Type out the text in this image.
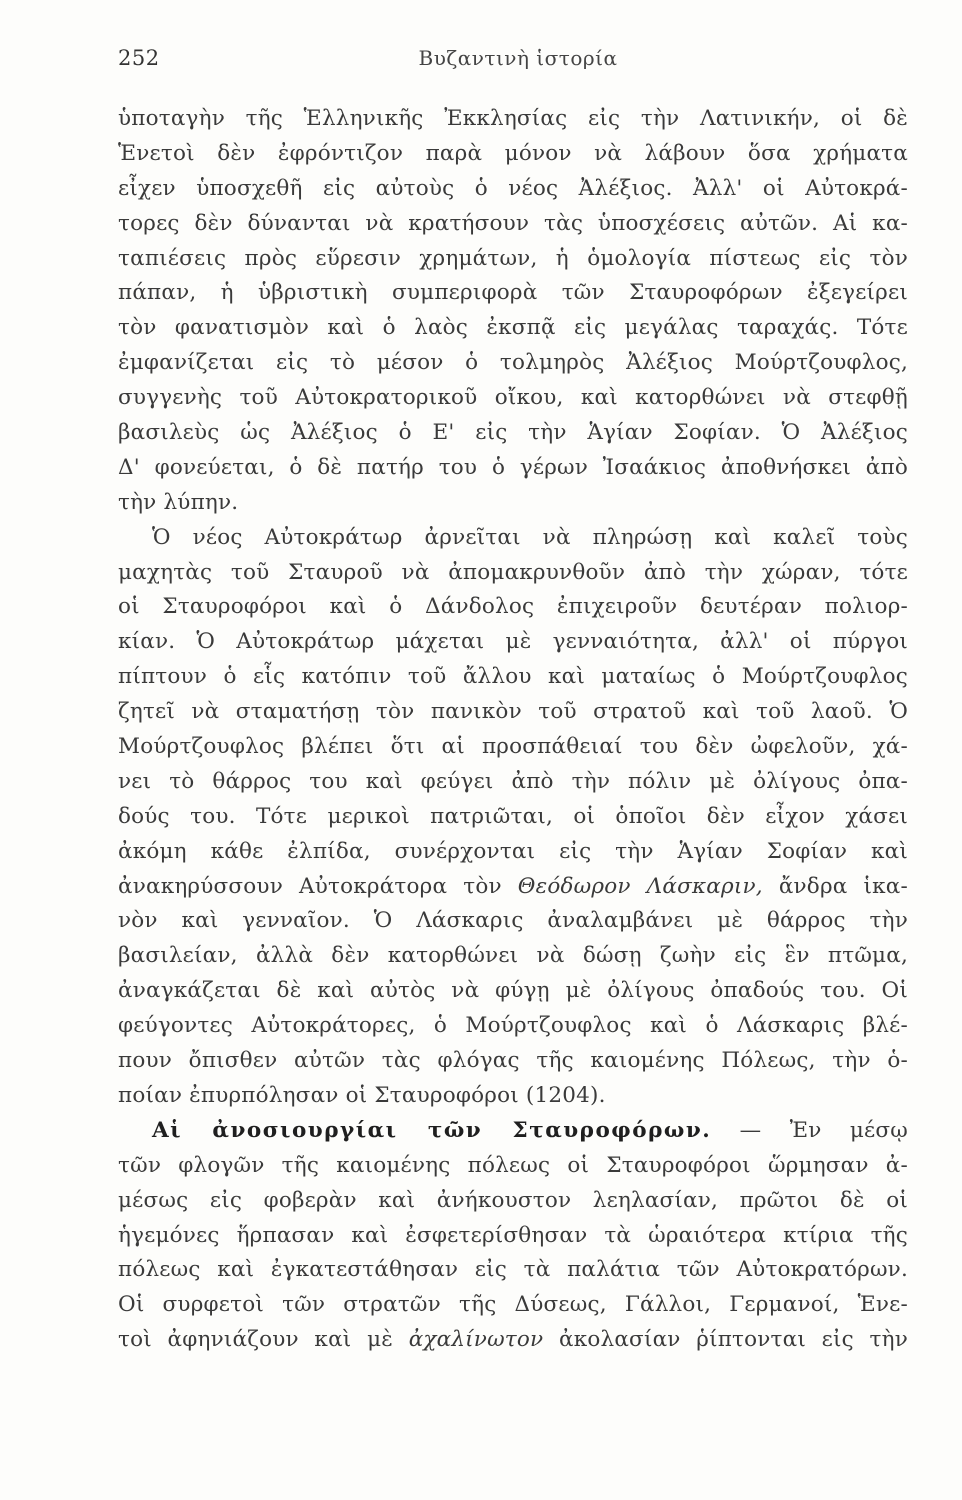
252	Βυζαντινὴ ἱστορία
ὑποταγὴν τῆς Ἑλληνικῆς Ἐκκλησίας εἰς τὴν Λατινικήν, οἱ δὲ
Ἑνετοὶ δὲν ἐφρόντιζον παρὰ μόνον νὰ λάβουν ὅσα χρήματα
εἶχεν ὑποσχεθῆ εἰς αὐτοὺς ὁ νέος Ἀλέξιος. Ἀλλ' οἱ Αὐτοκρά-
τορες δὲν δύνανται νὰ κρατήσουν τὰς ὑποσχέσεις αὐτῶν. Αἱ κα-
ταπιέσεις πρὸς εὕρεσιν χρημάτων, ἡ ὁμολογία πίστεως εἰς τὸν
πάπαν, ἡ ὑβριστικὴ συμπεριφορὰ τῶν Σταυροφόρων ἐξεγείρει
τὸν φανατισμὸν καὶ ὁ λαὸς ἐκσπᾷ εἰς μεγάλας ταραχάς. Τότε
ἐμφανίζεται εἰς τὸ μέσον ὁ τολμηρὸς Ἀλέξιος Μούρτζουφλος,
συγγενὴς τοῦ Αὐτοκρατορικοῦ οἴκου, καὶ κατορθώνει νὰ στεφθῇ
βασιλεὺς ὡς Ἀλέξιος ὁ Ε' εἰς τὴν Ἁγίαν Σοφίαν. Ὁ Ἀλέξιος
Δ' φονεύεται, ὁ δὲ πατήρ του ὁ γέρων Ἰσαάκιος ἀποθνήσκει ἀπὸ
τὴν λύπην.
Ὁ νέος Αὐτοκράτωρ ἀρνεῖται νὰ πληρώσῃ καὶ καλεῖ τοὺς
μαχητὰς τοῦ Σταυροῦ νὰ ἀπομακρυνθοῦν ἀπὸ τὴν χώραν, τότε
οἱ Σταυροφόροι καὶ ὁ Δάνδολος ἐπιχειροῦν δευτέραν πολιορ-
κίαν. Ὁ Αὐτοκράτωρ μάχεται μὲ γενναιότητα, ἀλλ' οἱ πύργοι
πίπτουν ὁ εἷς κατόπιν τοῦ ἄλλου καὶ ματαίως ὁ Μούρτζουφλος
ζητεῖ νὰ σταματήσῃ τὸν πανικὸν τοῦ στρατοῦ καὶ τοῦ λαοῦ. Ὁ
Μούρτζουφλος βλέπει ὅτι αἱ προσπάθειαί του δὲν ὠφελοῦν, χά-
νει τὸ θάρρος του καὶ φεύγει ἀπὸ τὴν πόλιν μὲ ὀλίγους ὀπα-
δούς του. Τότε μερικοὶ πατριῶται, οἱ ὁποῖοι δὲν εἶχον χάσει
ἀκόμη κάθε ἐλπίδα, συνέρχονται εἰς τὴν Ἁγίαν Σοφίαν καὶ
ἀνακηρύσσουν Αὐτοκράτορα τὸν Θεόδωρον Λάσκαριν, ἄνδρα ἱκα-
νὸν καὶ γενναῖον. Ὁ Λάσκαρις ἀναλαμβάνει μὲ θάρρος τὴν
βασιλείαν, ἀλλὰ δὲν κατορθώνει νὰ δώσῃ ζωὴν εἰς ἓν πτῶμα,
ἀναγκάζεται δὲ καὶ αὐτὸς νὰ φύγῃ μὲ ὀλίγους ὀπαδούς του. Οἱ
φεύγοντες Αὐτοκράτορες, ὁ Μούρτζουφλος καὶ ὁ Λάσκαρις βλέ-
πουν ὄπισθεν αὐτῶν τὰς φλόγας τῆς καιομένης Πόλεως, τὴν ὁ-
ποίαν ἐπυρπόλησαν οἱ Σταυροφόροι (1204).
Αἱ ἀνοσιουργίαι τῶν Σταυροφόρων. — Ἐν μέσῳ
τῶν φλογῶν τῆς καιομένης πόλεως οἱ Σταυροφόροι ὥρμησαν ἀ-
μέσως εἰς φοβερὰν καὶ ἀνήκουστον λεηλασίαν, πρῶτοι δὲ οἱ
ἡγεμόνες ἥρπασαν καὶ ἐσφετερίσθησαν τὰ ὡραιότερα κτίρια τῆς
πόλεως καὶ ἐγκατεστάθησαν εἰς τὰ παλάτια τῶν Αὐτοκρατόρων.
Οἱ συρφετοὶ τῶν στρατῶν τῆς Δύσεως, Γάλλοι, Γερμανοί, Ἑνε-
τοὶ ἀφηνιάζουν καὶ μὲ ἀχαλίνωτον ἀκολασίαν ῥίπτονται εἰς τὴν
